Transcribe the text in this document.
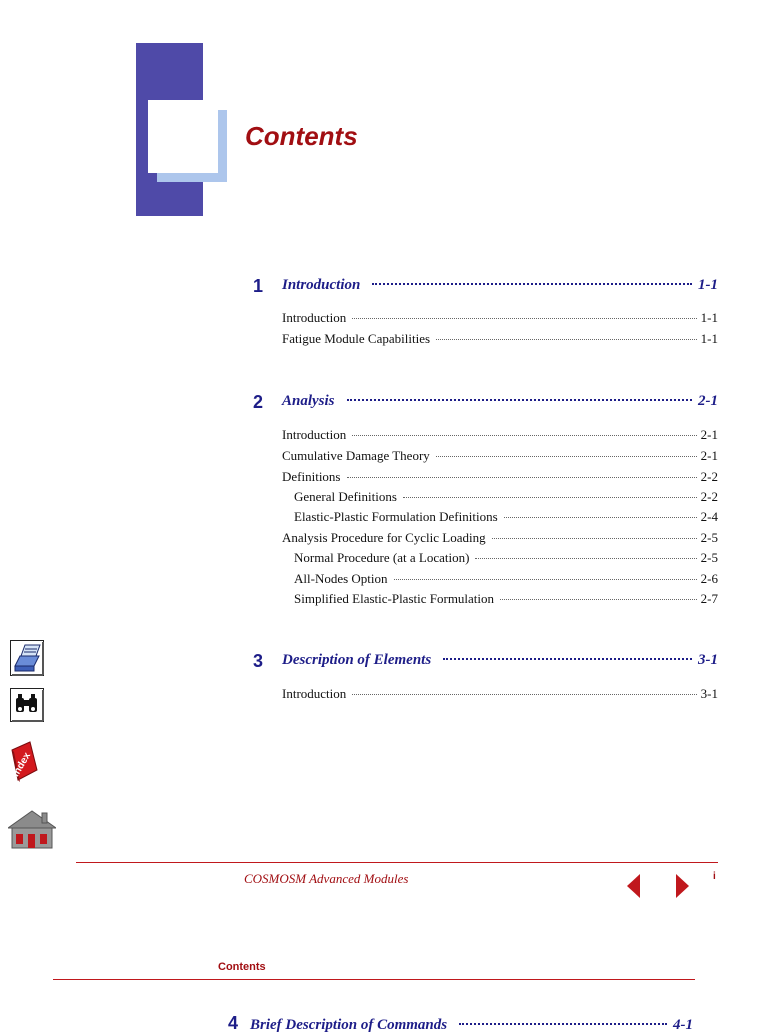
Contents
1 Introduction	1-1
Introduction	1-1
Fatigue Module Capabilities	1-1
2 Analysis	2-1
Introduction	2-1
Cumulative Damage Theory	2-1
Definitions	2-2
General Definitions	2-2
Elastic-Plastic Formulation Definitions	2-4
Analysis Procedure for Cyclic Loading	2-5
Normal Procedure (at a Location)	2-5
All-Nodes Option	2-6
Simplified Elastic-Plastic Formulation	2-7
3 Description of Elements	3-1
Introduction	3-1
index
COSMOSM Advanced Modules	i
Contents
4 Brief Description of Commands	4-1
